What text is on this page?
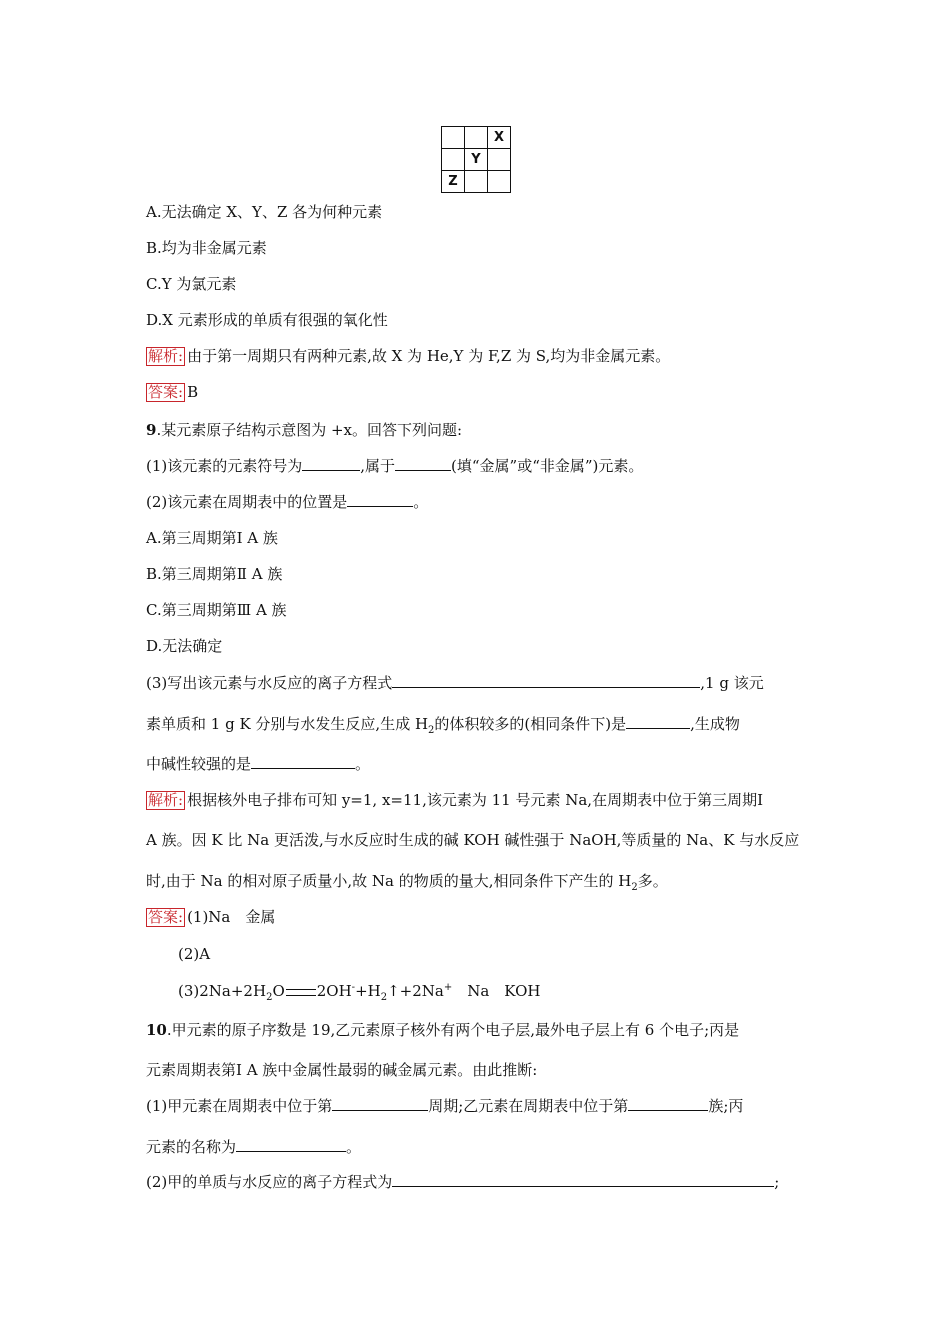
		X
	Y	
Z		
A.无法确定 X、Y、Z 各为何种元素
B.均为非金属元素
C.Y 为氯元素
D.X 元素形成的单质有很强的氧化性
解析: 由于第一周期只有两种元素,故 X 为 He,Y 为 F,Z 为 S,均为非金属元素。
答案: B
9.某元素原子结构示意图为 +x。回答下列问题:
(1)该元素的元素符号为	,属于	(填“金属”或“非金属”)元素。
(2)该元素在周期表中的位置是	。
A.第三周期第Ⅰ A 族
B.第三周期第Ⅱ A 族
C.第三周期第Ⅲ A 族
D.无法确定
(3)写出该元素与水反应的离子方程式	,1 g 该元
素单质和 1 g K 分别与水发生反应,生成 $H_2$的体积较多的(相同条件下)是	,生成物
中碱性较强的是	。
解析: 根据核外电子排布可知 y=1, x=11,该元素为 11 号元素 Na,在周期表中位于第三周期Ⅰ
A 族。因 K 比 Na 更活泼,与水反应时生成的碱 KOH 碱性强于 NaOH,等质量的 Na、K 与水反应
时,由于 Na 的相对原子质量小,故 Na 的物质的量大,相同条件下产生的 $H_2$多。
答案: (1)Na　金属
(2)A
$(3)2Na+2H_2O$ $2OH^-+H_2↑+2Na^+$　Na　KOH
10.甲元素的原子序数是 19,乙元素原子核外有两个电子层,最外电子层上有 6 个电子;丙是
元素周期表第Ⅰ A 族中金属性最弱的碱金属元素。由此推断:
(1)甲元素在周期表中位于第	周期;乙元素在周期表中位于第	族;丙
元素的名称为	。
(2)甲的单质与水反应的离子方程式为	;
